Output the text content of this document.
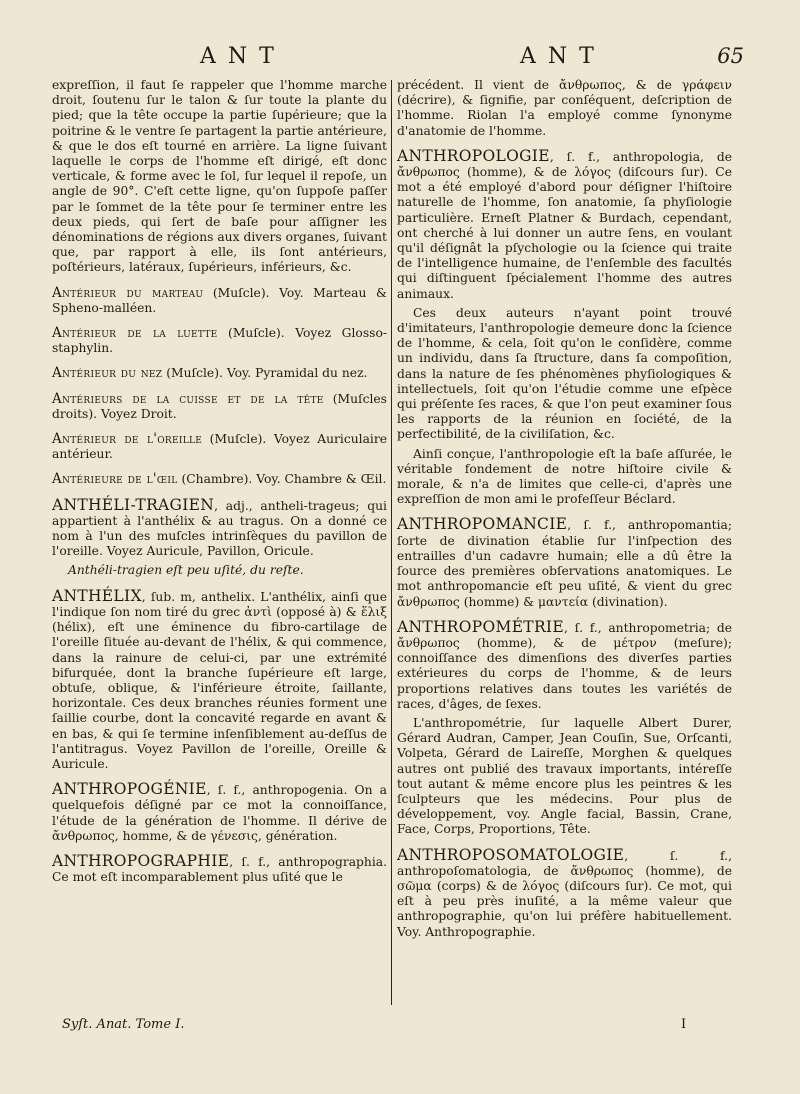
ANT	ANT	65

expreſſion, il faut ſe rappeler que l'homme marche droit, ſoutenu ſur le talon & ſur toute la plante du pied; que la tête occupe la partie ſupérieure; que la poitrine & le ventre ſe partagent la partie antérieure, & que le dos eſt tourné en arrière. La ligne ſuivant laquelle le corps de l'homme eſt dirigé, eſt donc verticale, & forme avec le ſol, ſur lequel il repoſe, un angle de 90°. C'eſt cette ligne, qu'on ſuppoſe paſſer par le ſommet de la tête pour ſe terminer entre les deux pieds, qui ſert de baſe pour aſſigner les dénominations de régions aux divers organes, ſuivant que, par rapport à elle, ils ſont antérieurs, poſtérieurs, latéraux, ſupérieurs, inférieurs, &c.

Antérieur du marteau (Muſcle). Voy. Marteau & Spheno-malléen.
Antérieur de la luette (Muſcle). Voyez Glosso-staphylin.
Antérieur du nez (Muſcle). Voy. Pyramidal du nez.
Antérieurs de la cuisse et de la tête (Muſcles droits). Voyez Droit.
Antérieur de l'oreille (Muſcle). Voyez Auriculaire antérieur.
Antérieure de l'œil (Chambre). Voy. Chambre & Œil.
ANTHÉLI-TRAGIEN, adj., antheli-trageus; qui appartient à l'anthélix & au tragus. On a donné ce nom à l'un des muſcles intrinſèques du pavillon de l'oreille. Voyez Auricule, Pavillon, Oricule.

Anthéli-tragien eſt peu uſité, du reſte.

ANTHÉLIX, ſub. m, anthelix. L'anthélix, ainſi que l'indique ſon nom tiré du grec ἀντὶ (opposé à) & ἕλιξ (hélix), eſt une éminence du fibro-cartilage de l'oreille ſituée au-devant de l'hélix, & qui commence, dans la rainure de celui-ci, par une extrémité bifurquée, dont la branche ſupérieure eſt large, obtuſe, oblique, & l'inférieure étroite, ſaillante, horizontale. Ces deux branches réunies forment une ſaillie courbe, dont la concavité regarde en avant & en bas, & qui ſe termine inſenſiblement au-deſſus de l'antitragus. Voyez Pavillon de l'oreille, Oreille & Auricule.
ANTHROPOGÉNIE, ſ. f., anthropogenia. On a quelquefois déſigné par ce mot la connoiſſance, l'étude de la génération de l'homme. Il dérive de ἄνθρωπος, homme, & de γένεσις, génération.
ANTHROPOGRAPHIE, ſ. f., anthropographia. Ce mot eſt incomparablement plus uſité que le

précédent. Il vient de ἄνθρωπος, & de γράφειν (décrire), & ſignifie, par conſéquent, deſcription de l'homme. Riolan l'a employé comme ſynonyme d'anatomie de l'homme.

ANTHROPOLOGIE, ſ. f., anthropologia, de ἄνθρωπος (homme), & de λόγος (diſcours ſur). Ce mot a été employé d'abord pour déſigner l'hiſtoire naturelle de l'homme, ſon anatomie, ſa phyſiologie particulière. Erneſt Platner & Burdach, cependant, ont cherché à lui donner un autre ſens, en voulant qu'il déſignât la pſychologie ou la ſcience qui traite de l'intelligence humaine, de l'enſemble des facultés qui diſtinguent ſpécialement l'homme des autres animaux.

Ces deux auteurs n'ayant point trouvé d'imitateurs, l'anthropologie demeure donc la ſcience de l'homme, & cela, ſoit qu'on le conſidère, comme un individu, dans ſa ſtructure, dans ſa compoſition, dans la nature de ſes phénomènes phyſiologiques & intellectuels, ſoit qu'on l'étudie comme une eſpèce qui préſente ſes races, & que l'on peut examiner ſous les rapports de la réunion en ſociété, de la perfectibilité, de la civiliſation, &c.

Ainſi conçue, l'anthropologie eſt la baſe aſſurée, le véritable fondement de notre hiſtoire civile & morale, & n'a de limites que celle-ci, d'après une expreſſion de mon ami le profeſſeur Béclard.

ANTHROPOMANCIE, ſ. f., anthropomantia; ſorte de divination établie ſur l'inſpection des entrailles d'un cadavre humain; elle a dû être la ſource des premières obſervations anatomiques. Le mot anthropomancie eſt peu uſité, & vient du grec ἄνθρωπος (homme) & μαντεία (divination).
ANTHROPOMÉTRIE, ſ. f., anthropometria; de ἄνθρωπος (homme), & de μέτρον (meſure); connoiſſance des dimenſions des diverſes parties extérieures du corps de l'homme, & de leurs proportions relatives dans toutes les variétés de races, d'âges, de ſexes.

L'anthropométrie, ſur laquelle Albert Durer, Gérard Audran, Camper, Jean Couſin, Sue, Orſcanti, Volpeta, Gérard de Laireſſe, Morghen & quelques autres ont publié des travaux importants, intéreſſe tout autant & même encore plus les peintres & les ſculpteurs que les médecins. Pour plus de développement, voy. Angle facial, Bassin, Crane, Face, Corps, Proportions, Tête.

ANTHROPOSOMATOLOGIE, ſ. f., anthropoſomatologia, de ἄνθρωπος (homme), de σῶμα (corps) & de λόγος (diſcours ſur). Ce mot, qui eſt à peu près inuſité, a la même valeur que anthropographie, qu'on lui préfère habituellement. Voy. Anthropographie.
Syſt. Anat. Tome I.	I
